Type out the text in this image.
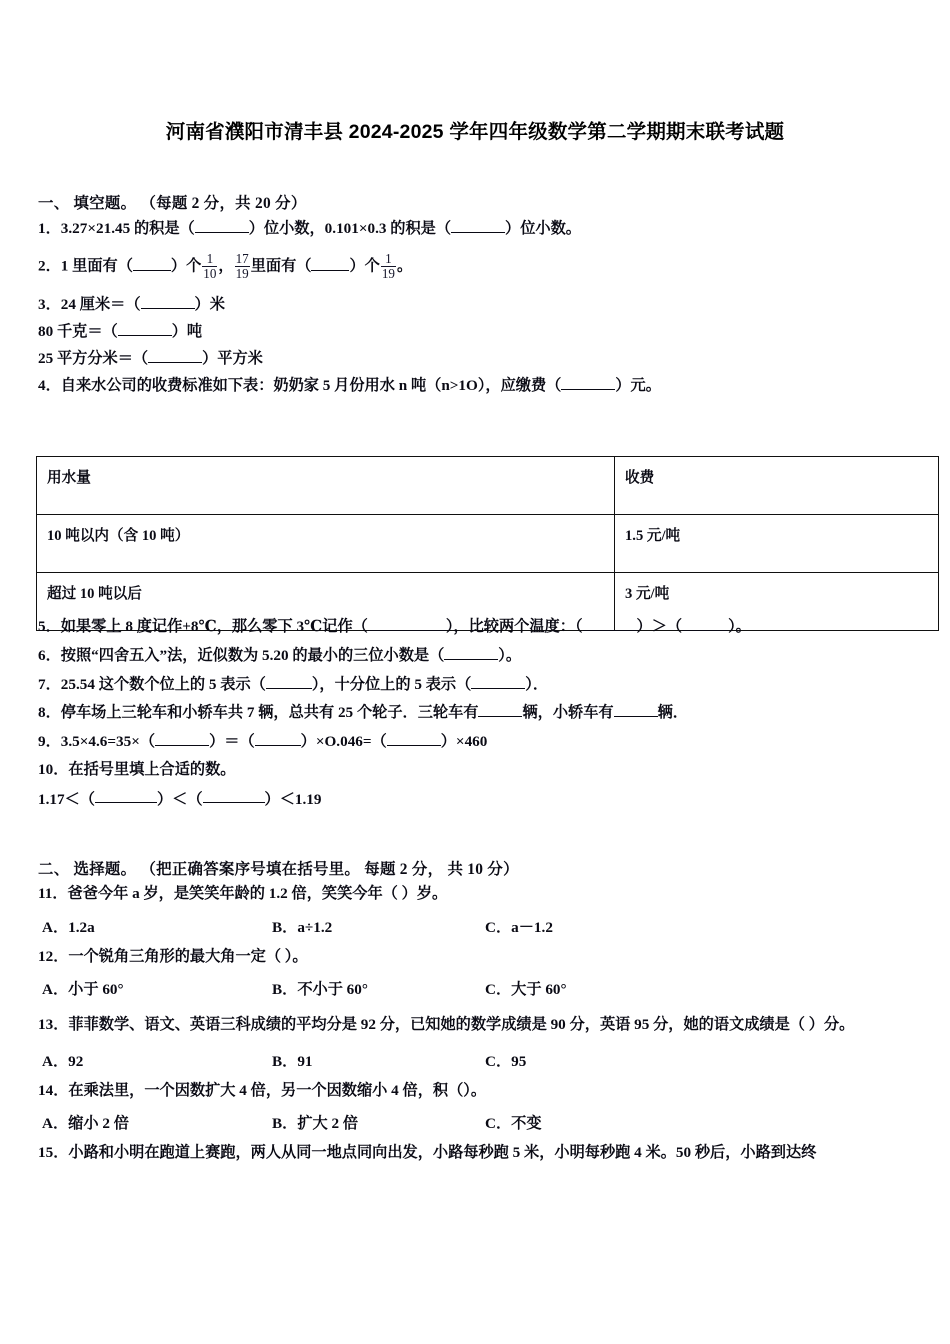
河南省濮阳市清丰县 2024-2025 学年四年级数学第二学期期末联考试题
一、 填空题。 （每题 2 分，共 20 分）
1．3.27×21.45 的积是（	）位小数，0.101×0.3 的积是（	）位小数。
2．1 里面有（	）个 $\frac{1}{10}$ ， $\frac{17}{19}$ 里面有（	）个 $\frac{1}{19}$ 。
3．24 厘米＝（	）米
80 千克＝（	）吨
25 平方分米＝（	）平方米
4．自来水公司的收费标准如下表：奶奶家 5 月份用水 n 吨（n>1O），应缴费（	）元。
用水量	收费
10 吨以内（含 10 吨）	1.5 元/吨
超过 10 吨以后	3 元/吨
5．如果零上 8 度记作+8℃，那么零下 3℃记作（	），比较两个温度：（	）＞（	）。
6．按照“四舍五入”法，近似数为 5.20 的最小的三位小数是（	）。
7．25.54 这个数个位上的 5 表示（	），十分位上的 5 表示（	）．
8．停车场上三轮车和小轿车共 7 辆，总共有 25 个轮子．三轮车有	辆，小轿车有	辆．
9．3.5×4.6=35×（	）＝（	）×O.046=（	）×460
10．在括号里填上合适的数。
1.17＜（	）＜（	）＜1.19
二、 选择题。 （把正确答案序号填在括号里。 每题 2 分， 共 10 分）
11．爸爸今年 a 岁，是笑笑年龄的 1.2 倍，笑笑今年（ ）岁。
A．1.2a	B．a÷1.2	C．a－1.2
12．一个锐角三角形的最大角一定（ ）。
A．小于 60°	B．不小于 60°	C．大于 60°
13．菲菲数学、语文、英语三科成绩的平均分是 92 分，已知她的数学成绩是 90 分，英语 95 分，她的语文成绩是（ ）分。
A．92	B．91	C．95
14．在乘法里，一个因数扩大 4 倍，另一个因数缩小 4 倍，积（）。
A．缩小 2 倍	B．扩大 2 倍	C．不变
15．小路和小明在跑道上赛跑，两人从同一地点同向出发，小路每秒跑 5 米，小明每秒跑 4 米。50 秒后，小路到达终
